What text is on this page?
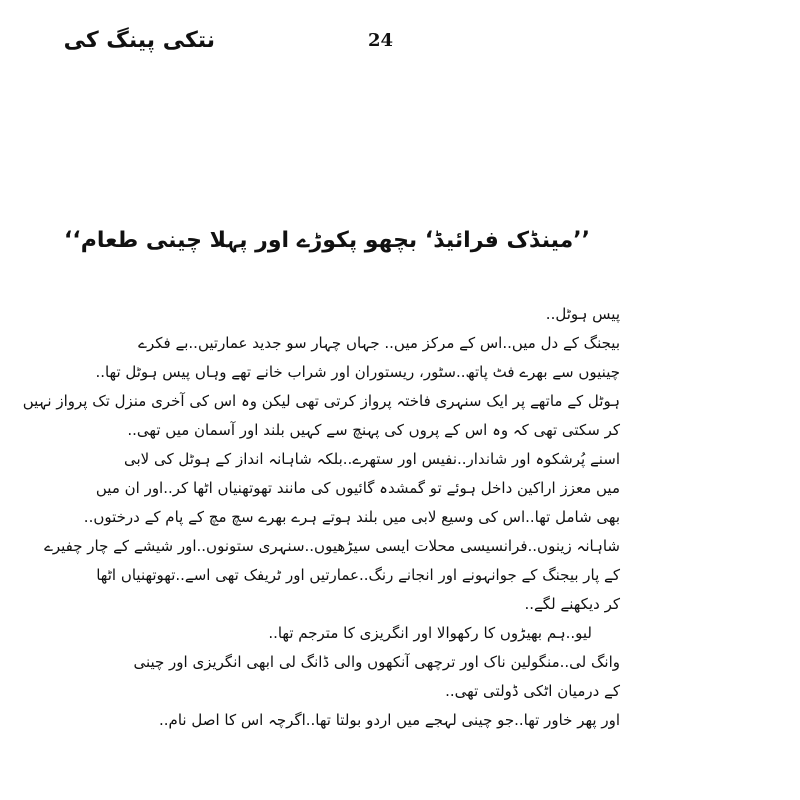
نتکی پینگ کی	24
’’مینڈک فرائیڈ‘ بچھو پکوڑے اور پہلا چینی طعام‘‘
پیس ہوٹل..
بیجنگ کے دل میں..اس کے مرکز میں.. جہاں چہار سو جدید عمارتیں..بے فکرے
چینیوں سے بھرے فٹ پاتھ..سٹور، ریستوران اور شراب خانے تھے وہاں پیس ہوٹل تھا..
ہوٹل کے ماتھے پر ایک سنہری فاختہ پرواز کرتی تھی لیکن وہ اس کی آخری منزل تک پرواز نہیں
کر سکتی تھی کہ وہ اس کے پروں کی پہنچ سے کہیں بلند اور آسمان میں تھی..
اسنے پُرشکوہ اور شاندار..نفیس اور ستھرے..بلکہ شاہانہ انداز کے ہوٹل کی لابی
میں معزز اراکین داخل ہوئے تو گمشدہ گائیوں کی مانند تھوتھنیاں اٹھا کر..اور ان میں
بھی شامل تھا..اس کی وسیع لابی میں بلند ہوتے ہرے بھرے سچ مچ کے پام کے درختوں..
شاہانہ زینوں..فرانسیسی محلات ایسی سیڑھیوں..سنہری ستونوں..اور شیشے کے چار چفیرے
کے پار بیجنگ کے جوانہونے اور انجانے رنگ..عمارتیں اور ٹریفک تھی اسے..تھوتھنیاں اٹھا
کر دیکھنے لگے..
لیو..ہم بھیڑوں کا رکھوالا اور انگریزی کا مترجم تھا..
وانگ لی..منگولین ناک اور ترچھی آنکھوں والی ڈانگ لی ابھی انگریزی اور چینی
کے درمیان اٹکی ڈولتی تھی..
اور پھر خاور تھا..جو چینی لہجے میں اردو بولتا تھا..اگرچہ اس کا اصل نام..
